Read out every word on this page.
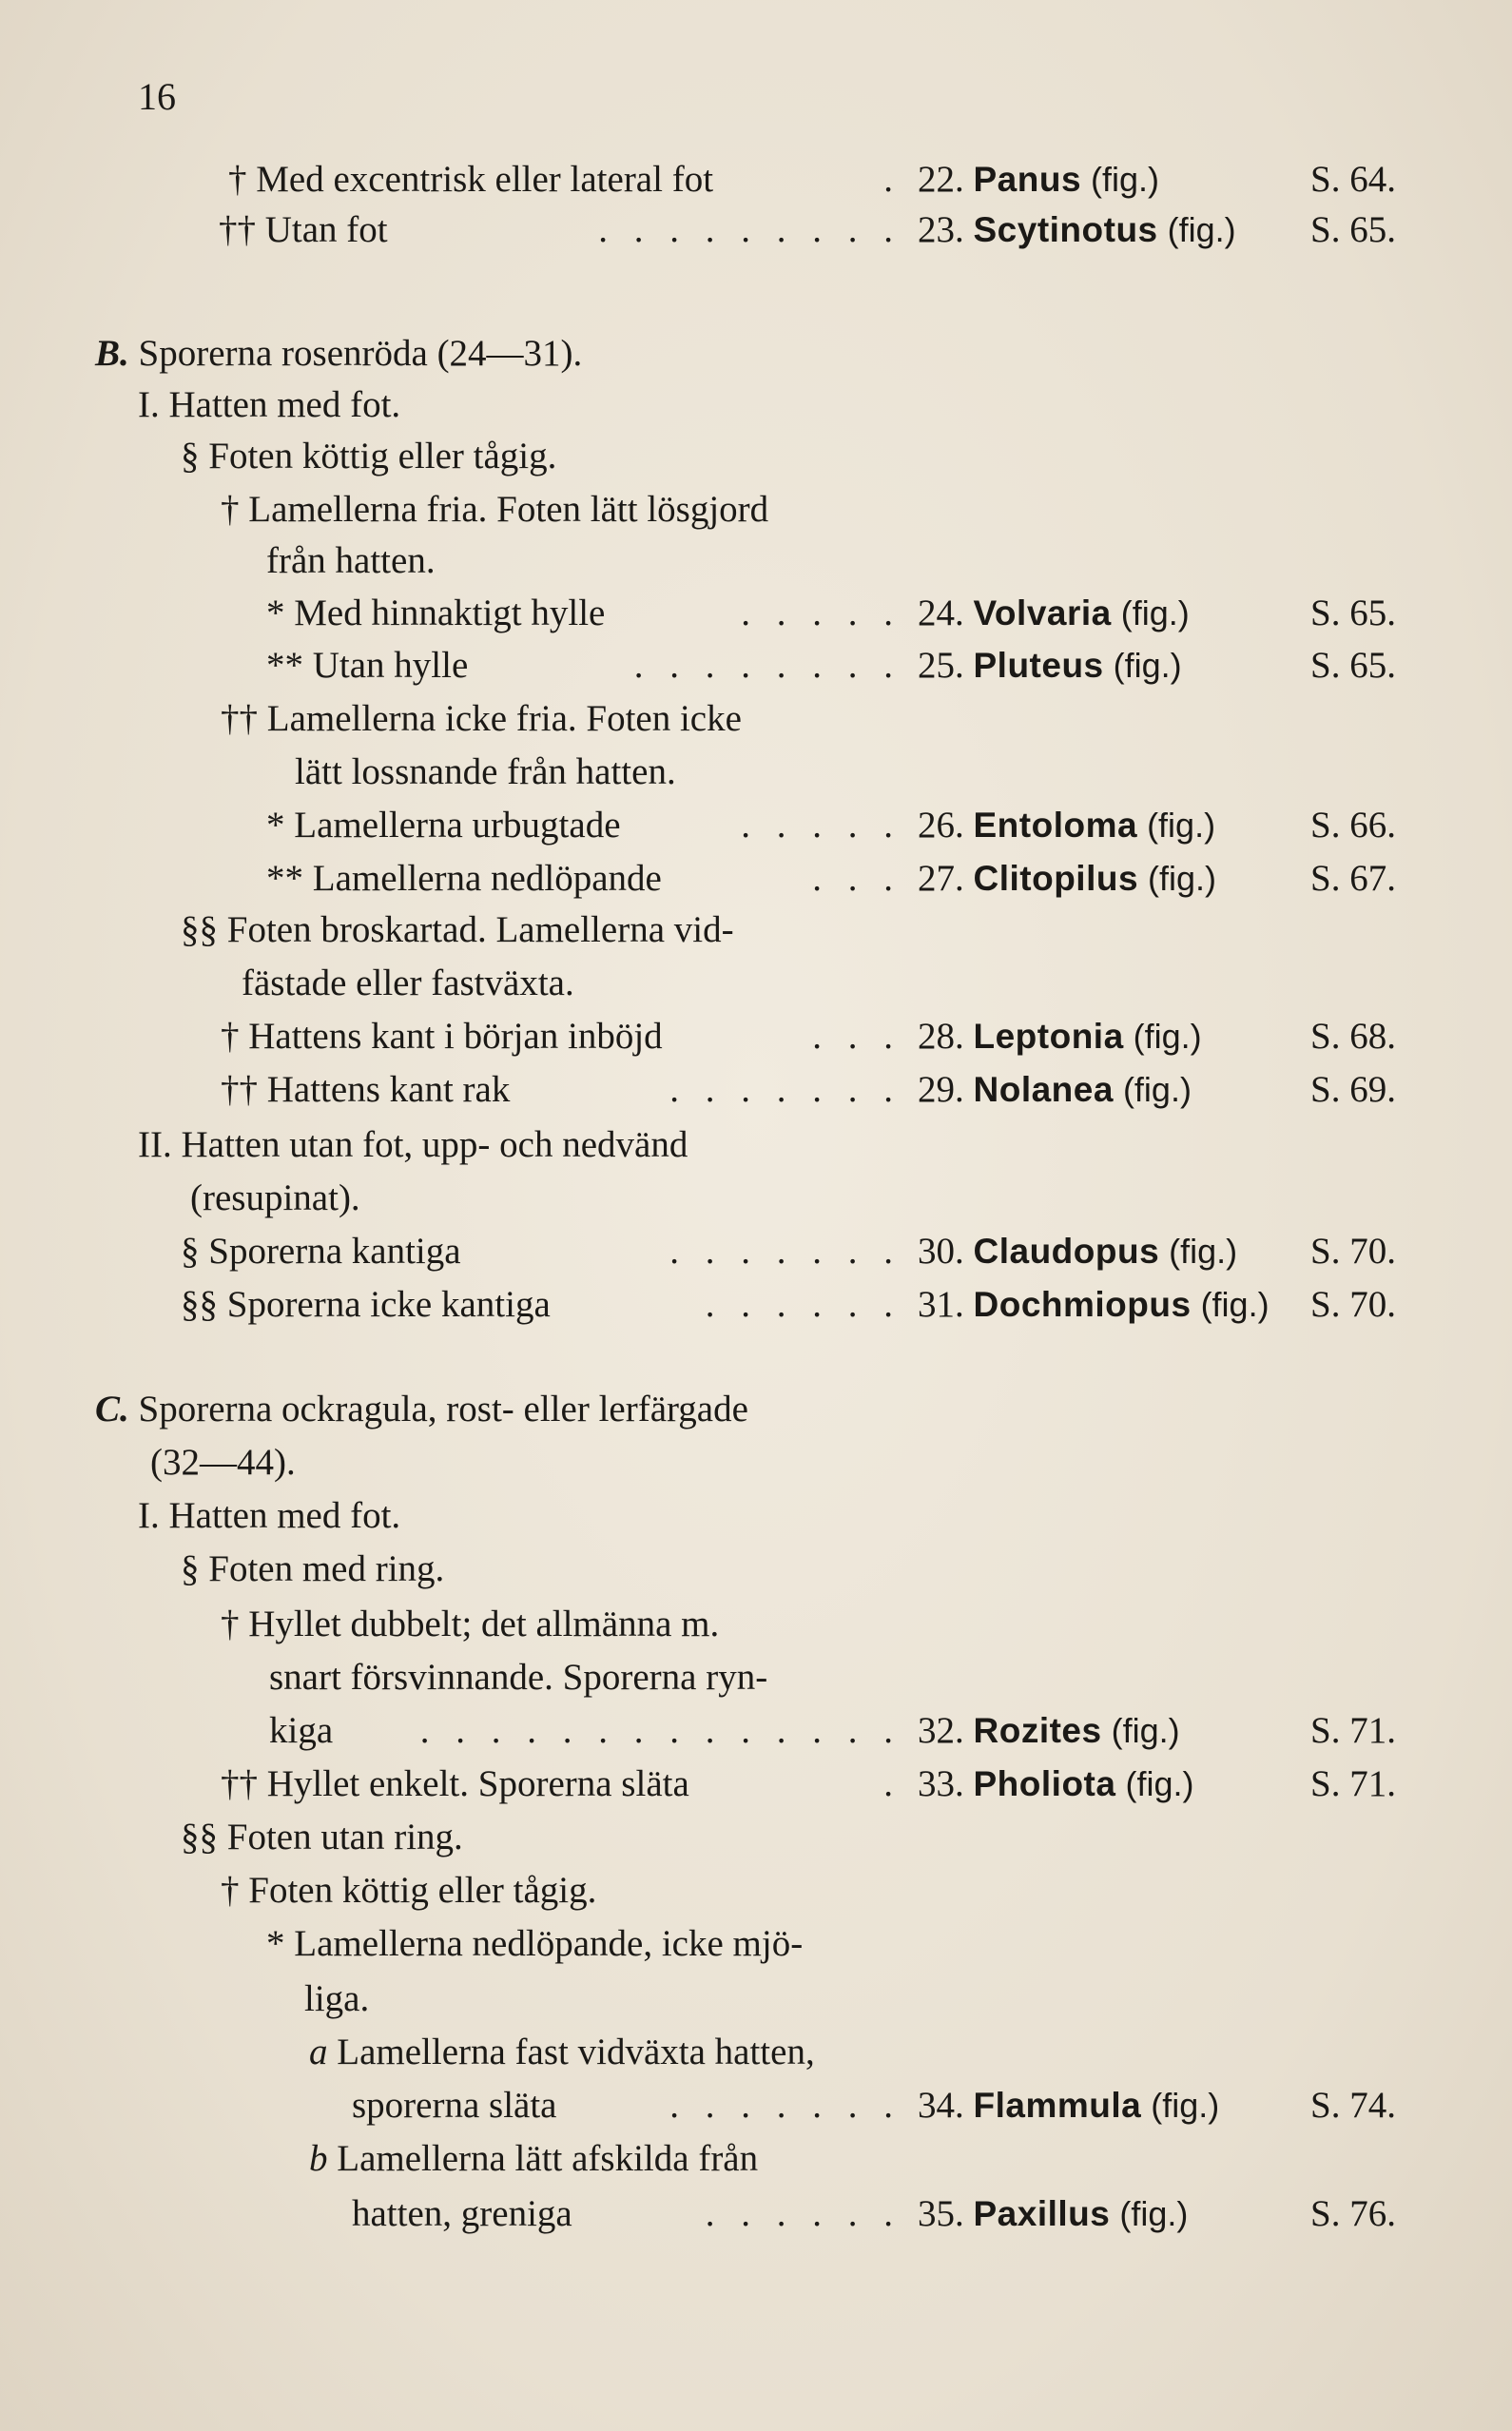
16
† Med excentrisk eller lateral fot	. 22. Panus (fig.)	S. 64.
†† Utan fot	. . . . . . . . . 23. Scytinotus (fig.) S. 65.
B. Sporerna rosenröda (24—31).
I. Hatten med fot.
§ Foten köttig eller tågig.
† Lamellerna fria. Foten lätt lösgjord
från hatten.
* Med hinnaktigt hylle	. . . . . 24. Volvaria (fig.)	S. 65.
** Utan hylle	. . . . . . . . 25. Pluteus (fig.)	S. 65.
†† Lamellerna icke fria. Foten icke
lätt lossnande från hatten.
* Lamellerna urbugtade	. . . . . 26. Entoloma (fig.)	S. 66.
** Lamellerna nedlöpande	. . . 27. Clitopilus (fig.)	S. 67.
§§ Foten broskartad. Lamellerna vid-
fästade eller fastväxta.
† Hattens kant i början inböjd	. . . 28. Leptonia (fig.)	S. 68.
†† Hattens kant rak	. . . . . . . 29. Nolanea (fig.)	S. 69.
II. Hatten utan fot, upp- och nedvänd
(resupinat).
§ Sporerna kantiga	. . . . . . . 30. Claudopus (fig.) S. 70.
§§ Sporerna icke kantiga	. . . . . . 31. Dochmiopus (fig.) S. 70.
C. Sporerna ockragula, rost- eller lerfärgade
(32—44).
I. Hatten med fot.
§ Foten med ring.
† Hyllet dubbelt; det allmänna m.
snart försvinnande. Sporerna ryn-
kiga . . . . . . . . . . . . . . 32. Rozites (fig.)	S. 71.
†† Hyllet enkelt. Sporerna släta	. 33. Pholiota (fig.)	S. 71.
§§ Foten utan ring.
† Foten köttig eller tågig.
* Lamellerna nedlöpande, icke mjö-
liga.
a Lamellerna fast vidväxta hatten,
sporerna släta	. . . . . . . 34. Flammula (fig.) S. 74.
b Lamellerna lätt afskilda från
hatten, greniga	. . . . . . 35. Paxillus (fig.)	S. 76.
